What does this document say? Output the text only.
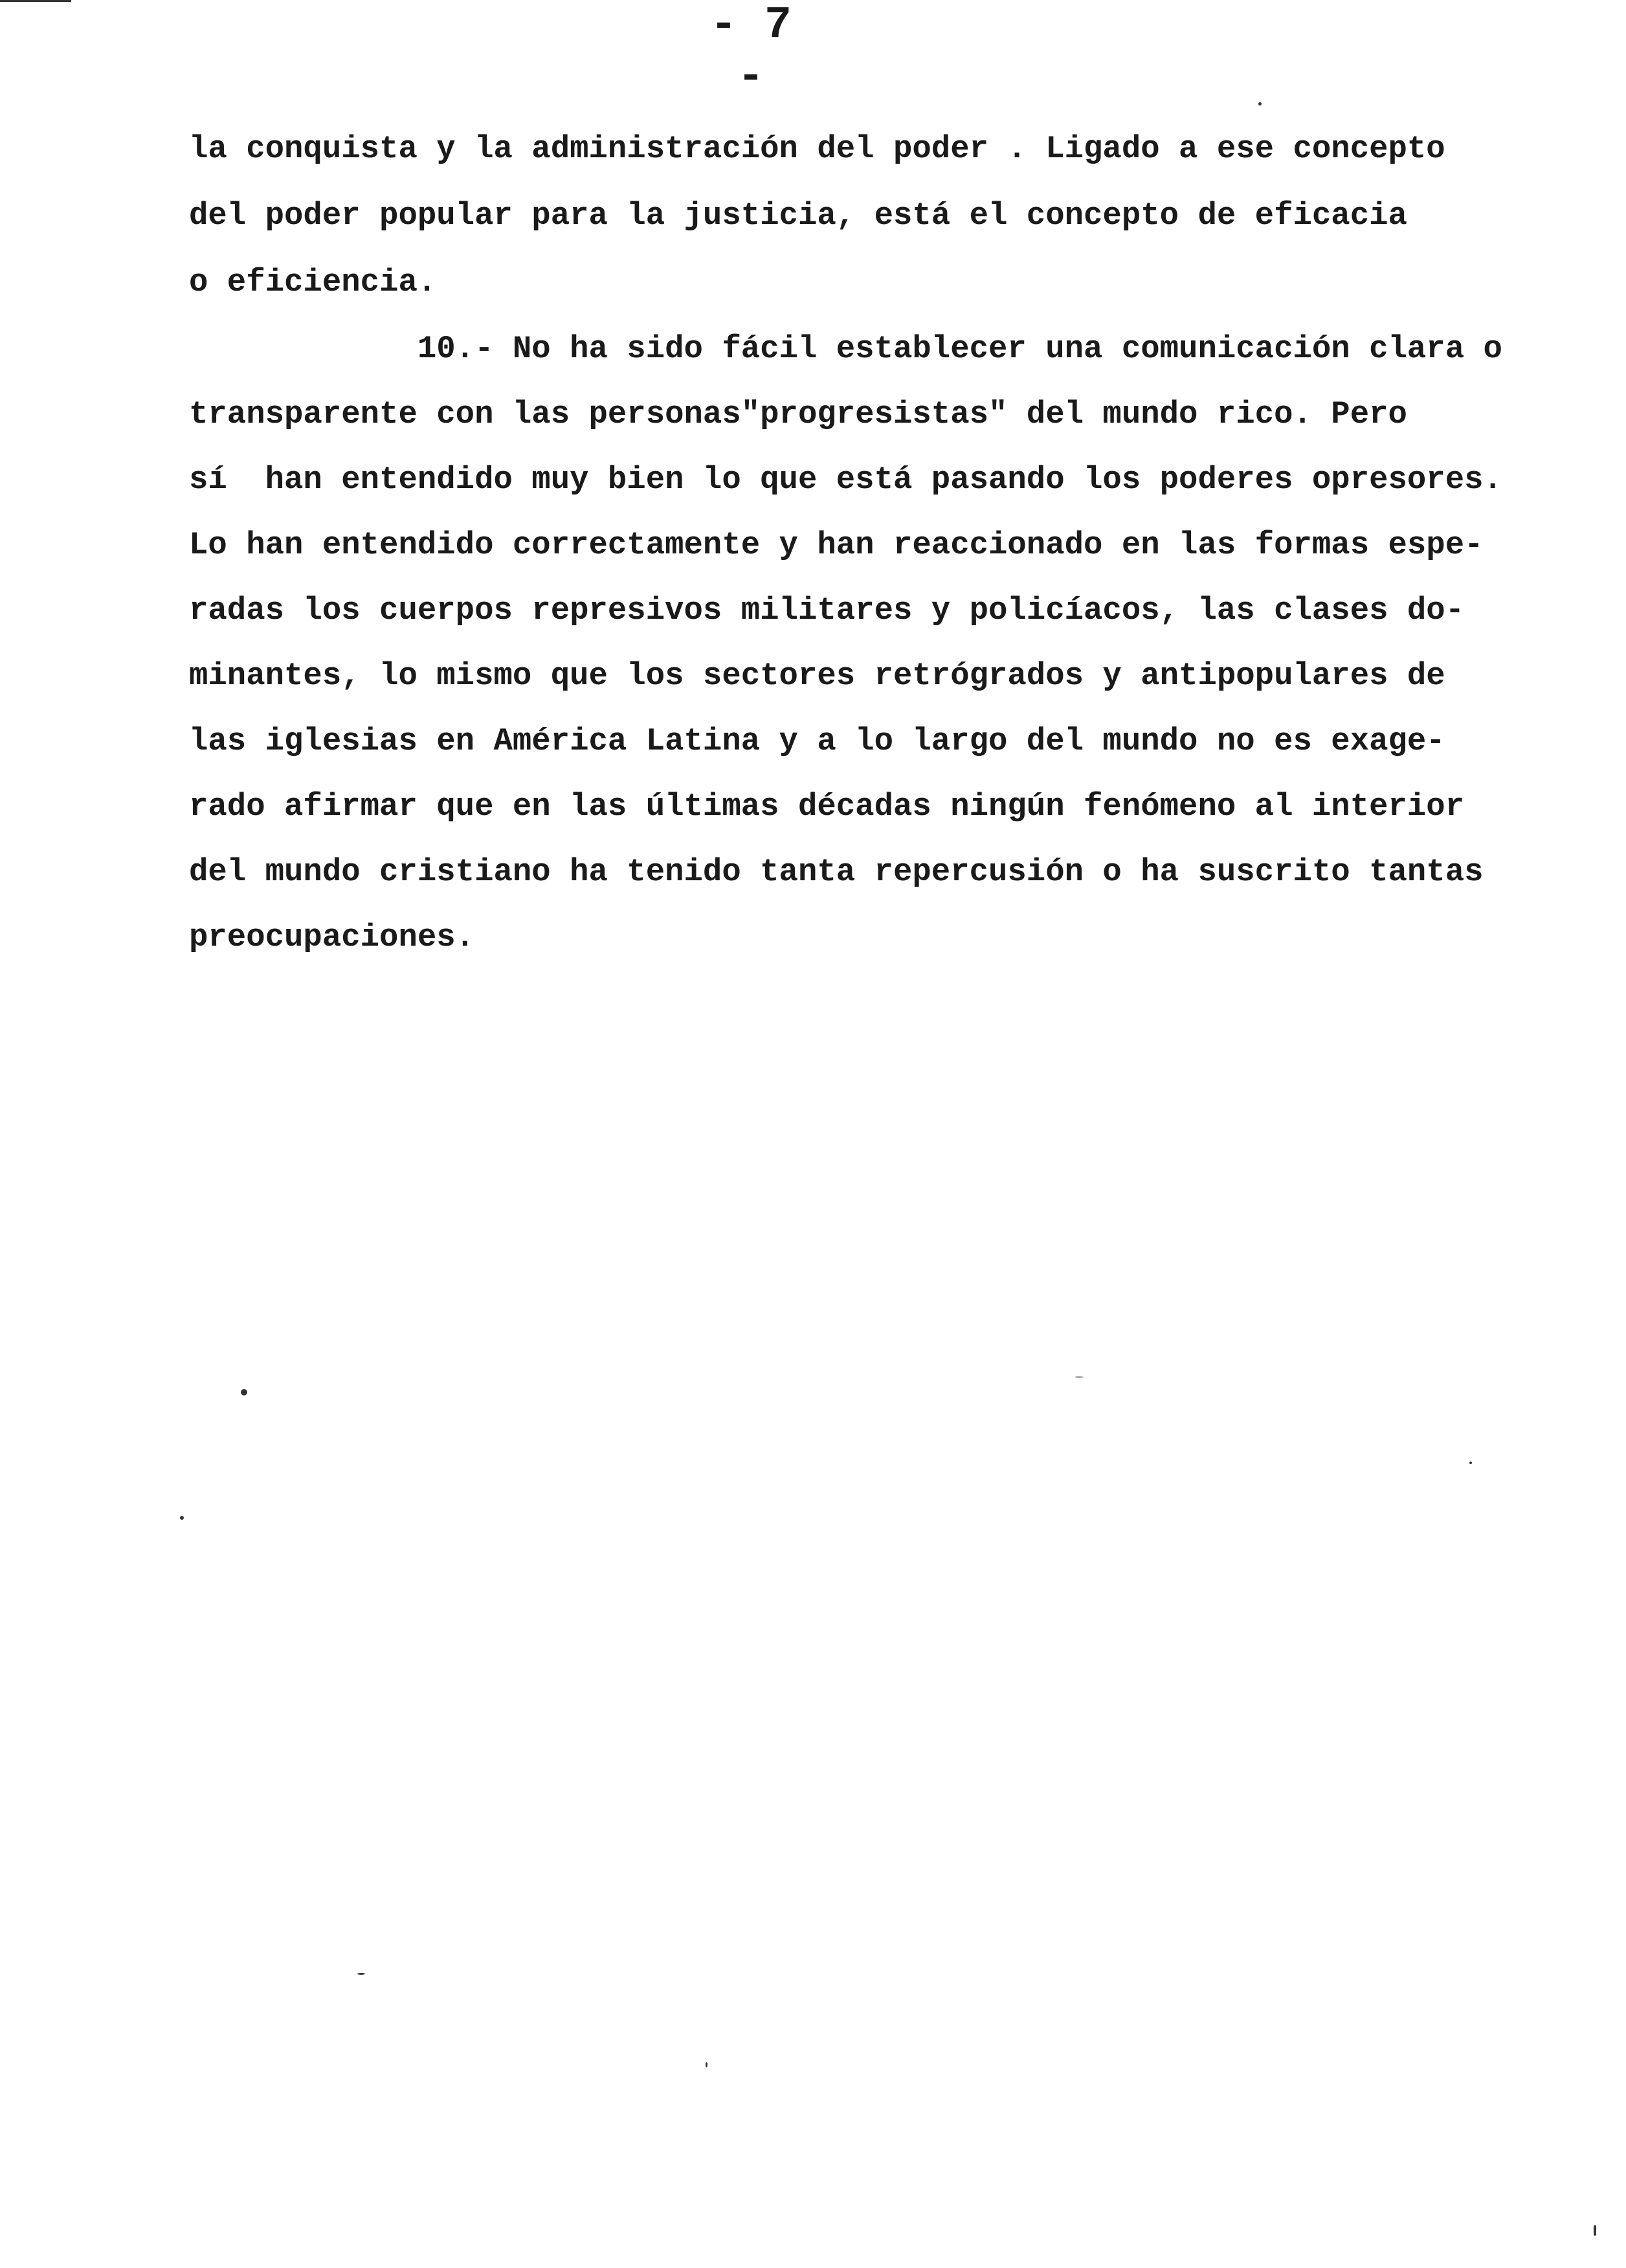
- 7 -
la conquista y la administración del poder . Ligado a ese concepto
del poder popular para la justicia, está el concepto de eficacia
o eficiencia.
10.- No ha sido fácil establecer una comunicación clara o
transparente con las personas"progresistas" del mundo rico. Pero
sí  han entendido muy bien lo que está pasando los poderes opresores.
Lo han entendido correctamente y han reaccionado en las formas espe-
radas los cuerpos represivos militares y policíacos, las clases do-
minantes, lo mismo que los sectores retrógrados y antipopulares de
las iglesias en América Latina y a lo largo del mundo no es exage-
rado afirmar que en las últimas décadas ningún fenómeno al interior
del mundo cristiano ha tenido tanta repercusión o ha suscrito tantas
preocupaciones.
